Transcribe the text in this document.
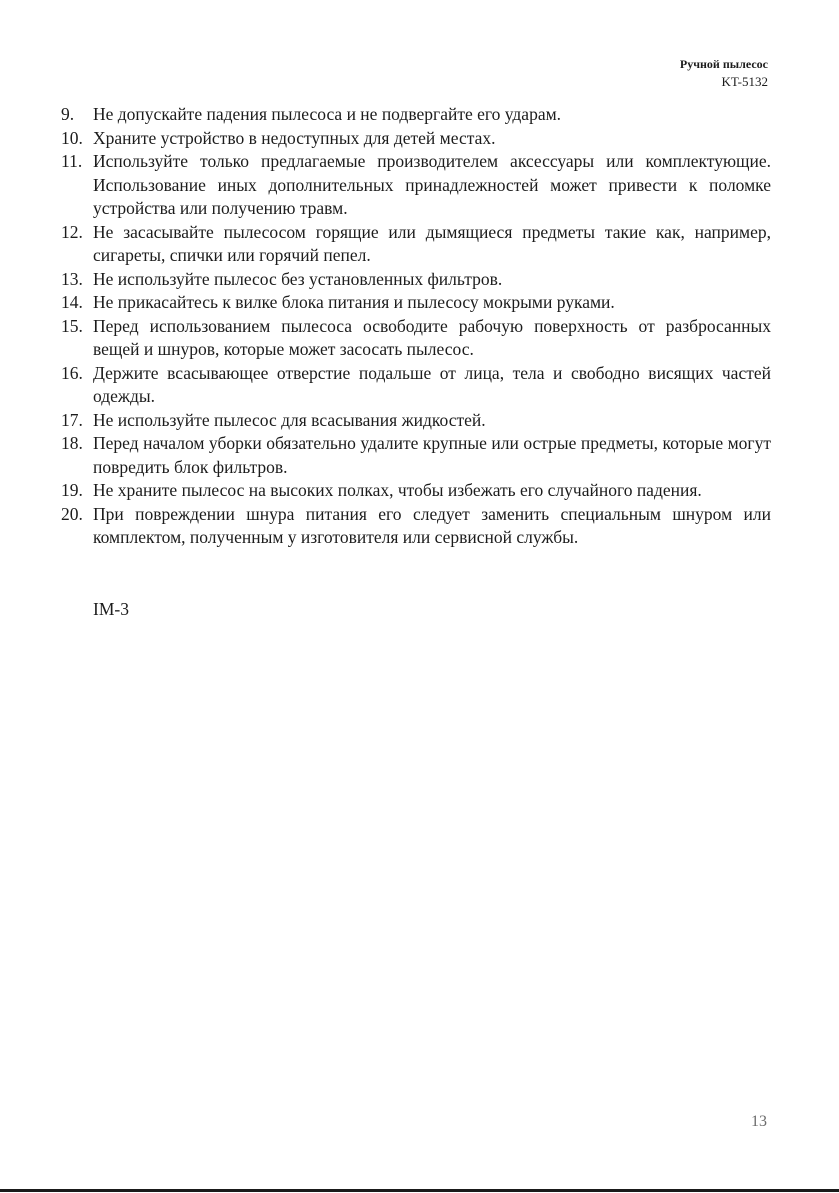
Ручной пылесос
KT-5132
9. Не допускайте падения пылесоса и не подвергайте его ударам.
10. Храните устройство в недоступных для детей местах.
11. Используйте только предлагаемые производителем аксессуары или комплектующие. Использование иных дополнительных принадлежностей может привести к поломке устройства или получению травм.
12. Не засасывайте пылесосом горящие или дымящиеся предметы такие как, например, сигареты, спички или горячий пепел.
13. Не используйте пылесос без установленных фильтров.
14. Не прикасайтесь к вилке блока питания и пылесосу мокрыми руками.
15. Перед использованием пылесоса освободите рабочую поверхность от разбросанных вещей и шнуров, которые может засосать пылесос.
16. Держите всасывающее отверстие подальше от лица, тела и свободно висящих частей одежды.
17. Не используйте пылесос для всасывания жидкостей.
18. Перед началом уборки обязательно удалите крупные или острые предметы, которые могут повредить блок фильтров.
19. Не храните пылесос на высоких полках, чтобы избежать его случайного падения.
20. При повреждении шнура питания его следует заменить специальным шнуром или комплектом, полученным у изготовителя или сервисной службы.
IM-3
13
